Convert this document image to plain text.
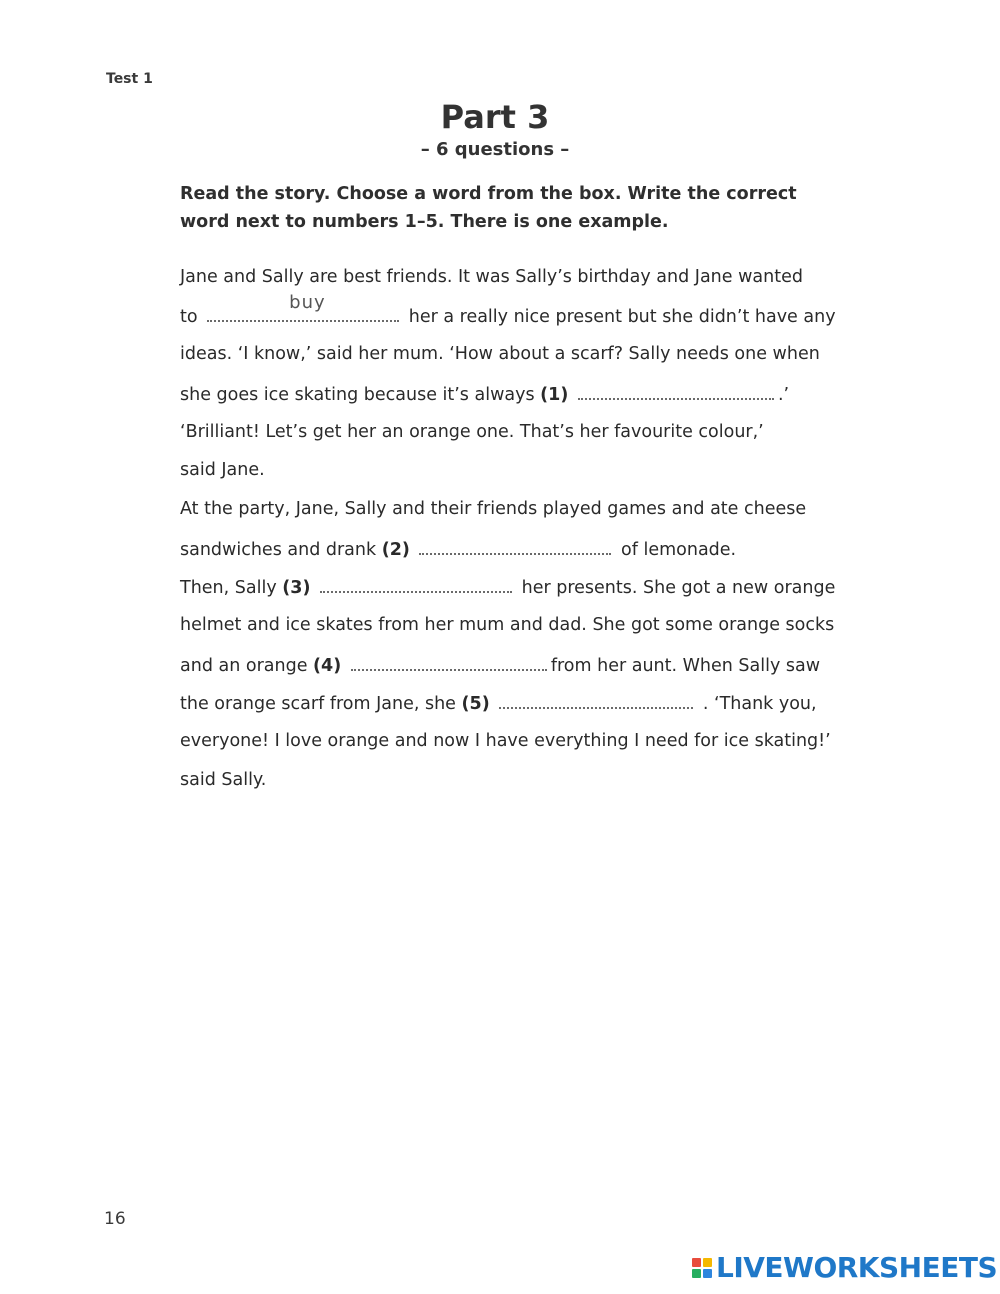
Test 1
Part 3
– 6 questions –
Read the story. Choose a word from the box. Write the correct word next to numbers 1–5. There is one example.
Jane and Sally are best friends. It was Sally’s birthday and Jane wanted
to
buy
her a really nice present but she didn’t have any
ideas. ‘I know,’ said her mum. ‘How about a scarf? Sally needs one when
she goes ice skating because it’s always (1)	.’
‘Brilliant! Let’s get her an orange one. That’s her favourite colour,’
said Jane.
At the party, Jane, Sally and their friends played games and ate cheese
sandwiches and drank (2)	of lemonade.
Then, Sally (3)	her presents. She got a new orange
helmet and ice skates from her mum and dad. She got some orange socks
and an orange (4)	from her aunt. When Sally saw
the orange scarf from Jane, she (5)	. ‘Thank you,
everyone! I love orange and now I have everything I need for ice skating!’
said Sally.
16
LIVEWORKSHEETS
